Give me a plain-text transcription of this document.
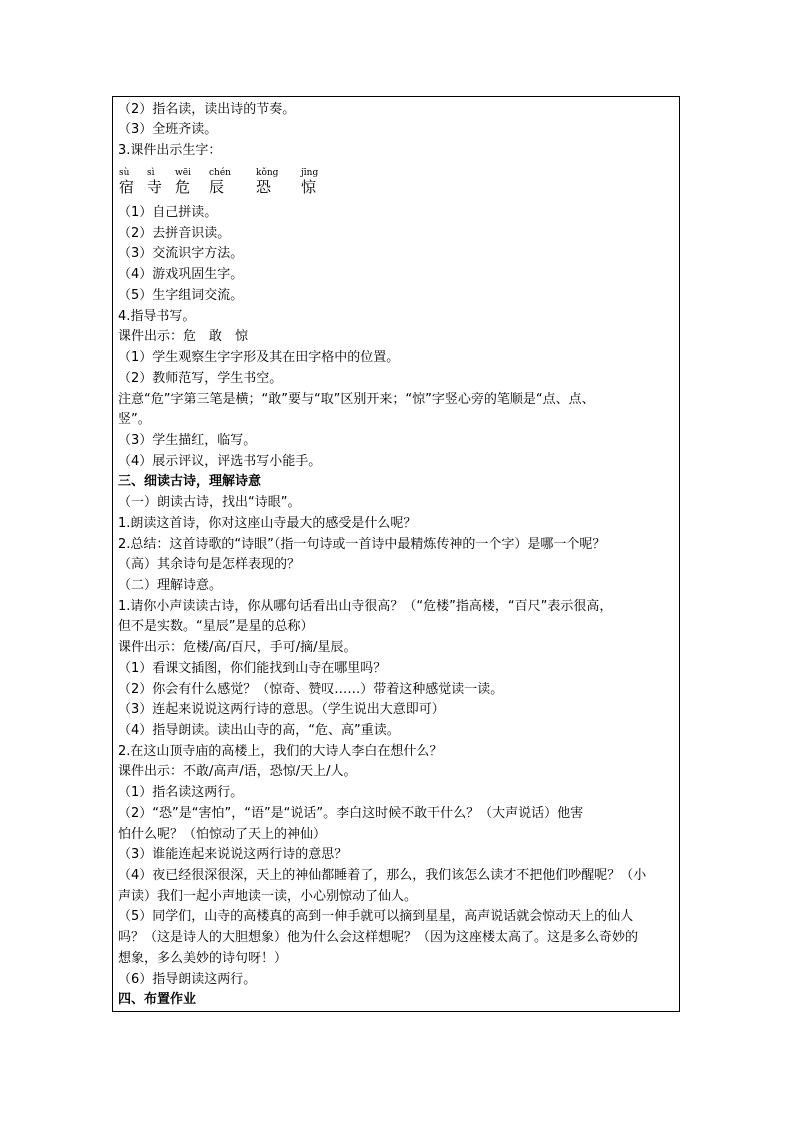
（2）指名读，读出诗的节奏。
（3）全班齐读。
3.课件出示生字：
sù
宿
sì
寺
wēi
危
chén
辰
kǒng
恐
jīng
惊
（1）自己拼读。
（2）去拼音识读。
（3）交流识字方法。
（4）游戏巩固生字。
（5）生字组词交流。
4.指导书写。
课件出示：危　敢　惊
（1）学生观察生字字形及其在田字格中的位置。
（2）教师范写，学生书空。
注意“危”字第三笔是横；“敢”要与“取”区别开来；“惊”字竖心旁的笔顺是“点、点、
竖”。
（3）学生描红，临写。
（4）展示评议，评选书写小能手。
三、细读古诗，理解诗意
（一）朗读古诗，找出“诗眼”。
1.朗读这首诗，你对这座山寺最大的感受是什么呢？
2.总结：这首诗歌的“诗眼”（指一句诗或一首诗中最精炼传神的一个字）是哪一个呢？
（高）其余诗句是怎样表现的？
（二）理解诗意。
1.请你小声读读古诗，你从哪句话看出山寺很高？（“危楼”指高楼，“百尺”表示很高，
但不是实数。“星辰”是星的总称）
课件出示：危楼/高/百尺，手可/摘/星辰。
（1）看课文插图，你们能找到山寺在哪里吗？
（2）你会有什么感觉？（惊奇、赞叹……）带着这种感觉读一读。
（3）连起来说说这两行诗的意思。（学生说出大意即可）
（4）指导朗读。读出山寺的高，“危、高”重读。
2.在这山顶寺庙的高楼上，我们的大诗人李白在想什么？
课件出示：不敢/高声/语，恐惊/天上/人。
（1）指名读这两行。
（2）“恐”是“害怕”，“语”是“说话”。李白这时候不敢干什么？（大声说话）他害
怕什么呢？（怕惊动了天上的神仙）
（3）谁能连起来说说这两行诗的意思？
（4）夜已经很深很深，天上的神仙都睡着了，那么，我们该怎么读才不把他们吵醒呢？（小
声读）我们一起小声地读一读，小心别惊动了仙人。
（5）同学们，山寺的高楼真的高到一伸手就可以摘到星星，高声说话就会惊动天上的仙人
吗？（这是诗人的大胆想象）他为什么会这样想呢？（因为这座楼太高了。这是多么奇妙的
想象，多么美妙的诗句呀！）
（6）指导朗读这两行。
四、布置作业
